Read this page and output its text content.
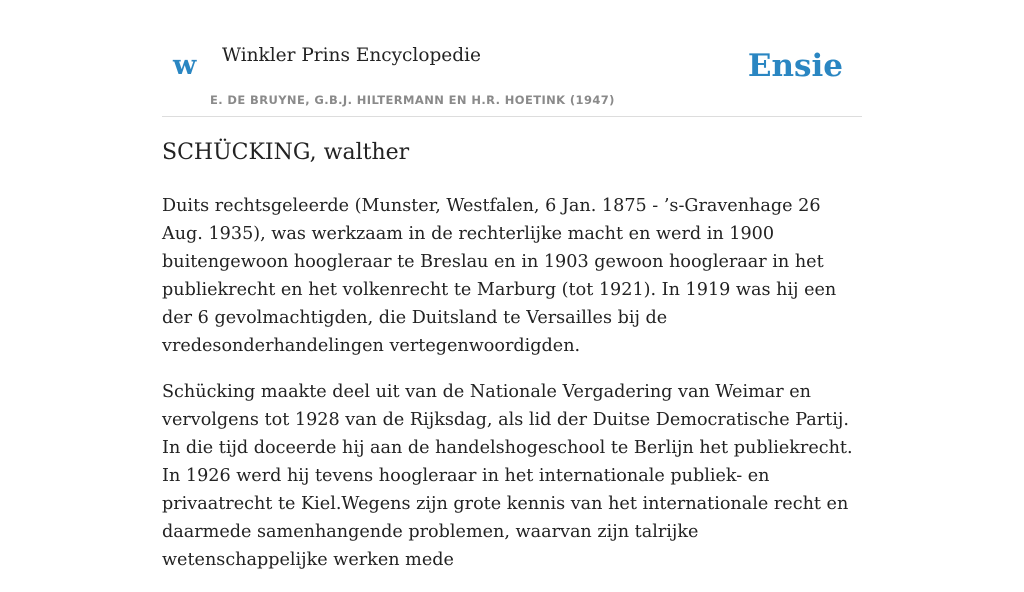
w Winkler Prins Encyclopedie
E. DE BRUYNE, G.B.J. HILTERMANN EN H.R. HOETINK (1947)
Ensie
SCHÜCKING, walther

Duits rechtsgeleerde (Munster, Westfalen, 6 Jan. 1875 - ’s-Gravenhage 26 Aug. 1935), was werkzaam in de rechterlijke macht en werd in 1900 buitengewoon hoogleraar te Breslau en in 1903 gewoon hoogleraar in het publiekrecht en het volkenrecht te Marburg (tot 1921). In 1919 was hij een der 6 gevolmachtigden, die Duitsland te Versailles bij de vredesonderhandelingen vertegenwoordigden.

Schücking maakte deel uit van de Nationale Vergadering van Weimar en vervolgens tot 1928 van de Rijksdag, als lid der Duitse Democratische Partij. In die tijd doceerde hij aan de handelshogeschool te Berlijn het publiekrecht. In 1926 werd hij tevens hoogleraar in het internationale publiek- en privaatrecht te Kiel.Wegens zijn grote kennis van het internationale recht en daarmede samenhangende problemen, waarvan zijn talrijke wetenschappelijke werken mede
